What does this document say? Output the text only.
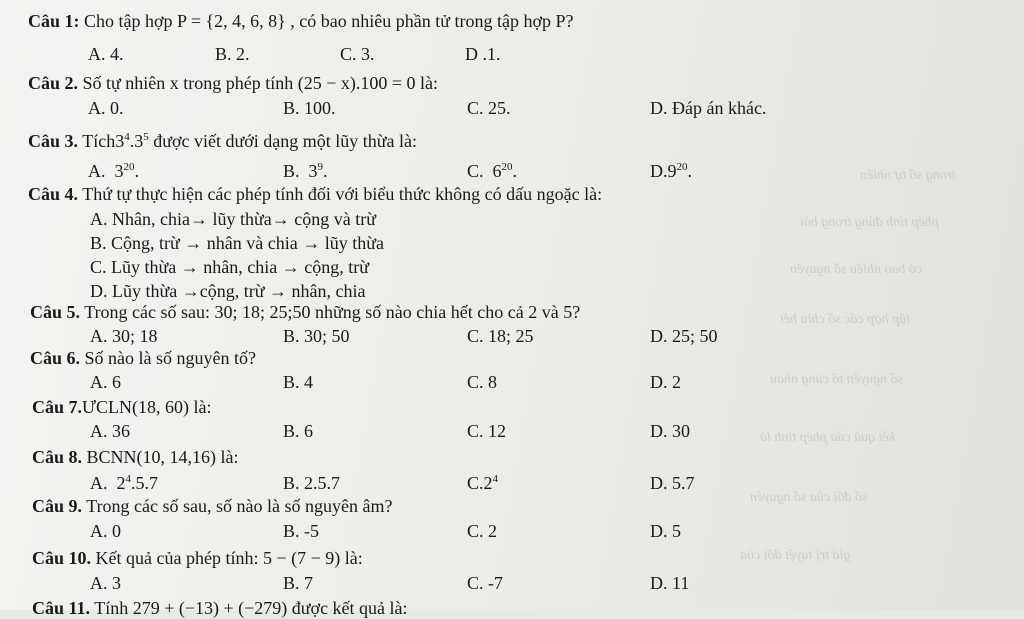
trong số tự nhiên
phép tính đúng trong bài
có bao nhiêu số nguyên
tập hợp các số chia hết
số nguyên tố cùng nhau
kết quả của phép tính là
số đối của số nguyên
giá trị tuyệt đối của
Câu 1: Cho tập hợp P = {2, 4, 6, 8} , có bao nhiêu phần tử trong tập hợp P?
A. 4.	B. 2.	C. 3.	D .1.
Câu 2. Số tự nhiên x trong phép tính (25 − x).100 = 0 là:
A. 0.	B. 100.	C. 25.	D. Đáp án khác.
Câu 3. $Tích3^4.3^5$ được viết dưới dạng một lũy thừa là:
A. $3^{20}$.	B. $3^9$.	C. $6^{20}$.	$D.9^{20}$.
Câu 4. Thứ tự thực hiện các phép tính đối với biểu thức không có dấu ngoặc là:
A. Nhân, chia→ lũy thừa→ cộng và trừ
B. Cộng, trừ → nhân và chia → lũy thừa
C. Lũy thừa → nhân, chia → cộng, trừ
D. Lũy thừa →cộng, trừ → nhân, chia
Câu 5. Trong các số sau: 30; 18; 25;50 những số nào chia hết cho cả 2 và 5?
A. 30; 18	B. 30; 50	C. 18; 25	D. 25; 50
Câu 6. Số nào là số nguyên tố?
A. 6	B. 4	C. 8	D. 2
Câu 7.ƯCLN(18, 60) là:
A. 36	B. 6	C. 12	D. 30
Câu 8. BCNN(10, 14,16) là:
A. $2^4.5.7$	B. 2.5.7	$C.2^4$	D. 5.7
Câu 9. Trong các số sau, số nào là số nguyên âm?
A. 0	B. -5	C. 2	D. 5
Câu 10. Kết quả của phép tính: 5 − (7 − 9) là:
A. 3	B. 7	C. -7	D. 11
Câu 11. Tính 279 + (−13) + (−279) được kết quả là:
